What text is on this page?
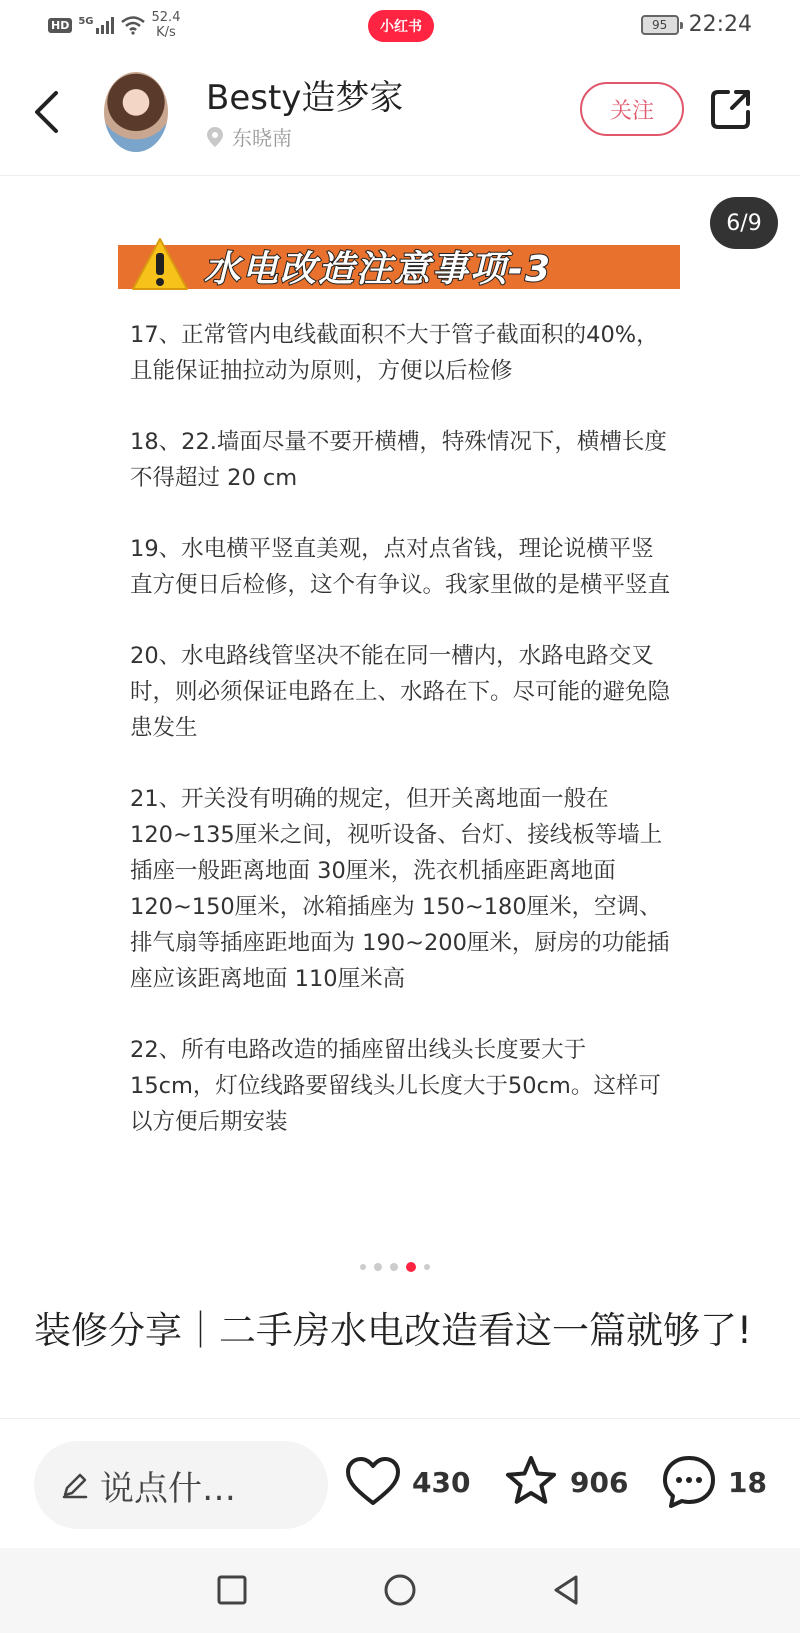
HD 5G	52.4
K/s	小红书	95 22:24
Besty造梦家
东晓南
关注
6/9
水电改造注意事项-3

17、正常管内电线截面积不大于管子截面积的40%，且能保证抽拉动为原则，方便以后检修

18、22.墙面尽量不要开横槽，特殊情况下，横槽长度不得超过 20 cm

19、水电横平竖直美观，点对点省钱，理论说横平竖直方便日后检修，这个有争议。我家里做的是横平竖直

20、水电路线管坚决不能在同一槽内，水路电路交叉时，则必须保证电路在上、水路在下。尽可能的避免隐患发生

21、开关没有明确的规定，但开关离地面一般在120~135厘米之间，视听设备、台灯、接线板等墙上插座一般距离地面 30厘米，洗衣机插座距离地面 120~150厘米，冰箱插座为 150~180厘米，空调、排气扇等插座距地面为 190~200厘米，厨房的功能插座应该距离地面 110厘米高

22、所有电路改造的插座留出线头长度要大于15cm，灯位线路要留线头儿长度大于50cm。这样可以方便后期安装

装修分享｜二手房水电改造看这一篇就够了!
说点什…	430	906	18
